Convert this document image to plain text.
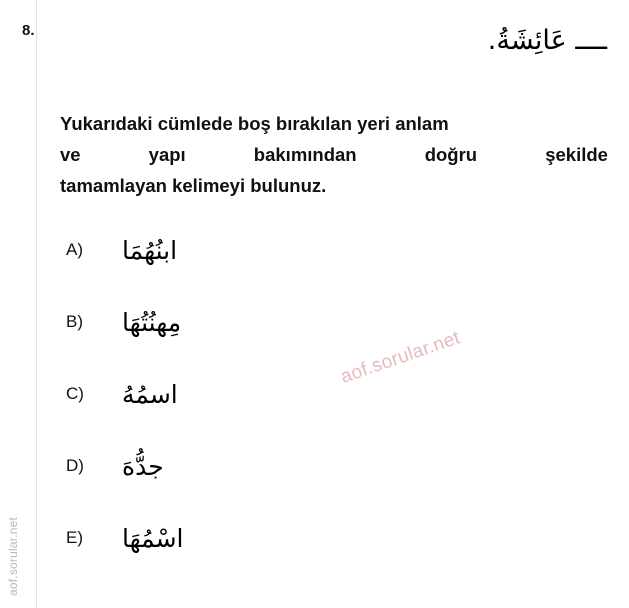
aof.sorular.net
8.	ــــ عَائِشَةُ.
Yukarıdaki cümlede boş bırakılan yeri anlam
ve	yapı	bakımından	doğru	şekilde
tamamlayan kelimeyi bulunuz.
A) ابنُهُمَا
B) مِهنُتُهَا
C) اسمُهُ
D) جدُّهَ
E) اسْمُهَا
aof.sorular.net
